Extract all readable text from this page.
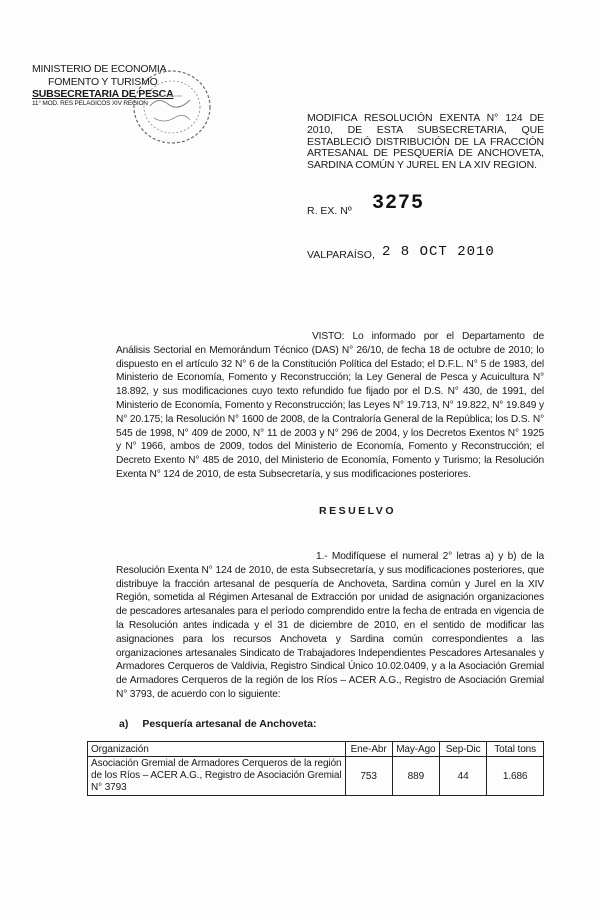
MINISTERIO DE ECONOMIA
FOMENTO Y TURISMO
SUBSECRETARIA DE PESCA
11° MOD. RES PELAGICOS XIV REGION
MODIFICA RESOLUCIÓN EXENTA N° 124 DE 2010, DE ESTA SUBSECRETARIA, QUE ESTABLECIÓ DISTRIBUCIÓN DE LA FRACCIÓN ARTESANAL DE PESQUERÍA DE ANCHOVETA, SARDINA COMÚN Y JUREL EN LA XIV REGION.
R. EX. Nº 3275
VALPARAÍSO, 2 8 OCT 2010
VISTO: Lo informado por el Departamento de Análisis Sectorial en Memorándum Técnico (DAS) N° 26/10, de fecha 18 de octubre de 2010; lo dispuesto en el artículo 32 N° 6 de la Constitución Política del Estado; el D.F.L. N° 5 de 1983, del Ministerio de Economía, Fomento y Reconstrucción; la Ley General de Pesca y Acuicultura N° 18.892, y sus modificaciones cuyo texto refundido fue fijado por el D.S. N° 430, de 1991, del Ministerio de Economía, Fomento y Reconstrucción; las Leyes N° 19.713, N° 19.822, N° 19.849 y N° 20.175; la Resolución N° 1600 de 2008, de la Contraloría General de la República; los D.S. N° 545 de 1998, N° 409 de 2000, N° 11 de 2003 y N° 296 de 2004, y los Decretos Exentos N° 1925 y N° 1966, ambos de 2009, todos del Ministerio de Economía, Fomento y Reconstrucción; el Decreto Exento N° 485 de 2010, del Ministerio de Economía, Fomento y Turismo; la Resolución Exenta N° 124 de 2010, de esta Subsecretaría, y sus modificaciones posteriores.
RESUELVO
1.- Modifíquese el numeral 2° letras a) y b) de la Resolución Exenta N° 124 de 2010, de esta Subsecretaría, y sus modificaciones posteriores, que distribuye la fracción artesanal de pesquería de Anchoveta, Sardina común y Jurel en la XIV Región, sometida al Régimen Artesanal de Extracción por unidad de asignación organizaciones de pescadores artesanales para el período comprendido entre la fecha de entrada en vigencia de la Resolución antes indicada y el 31 de diciembre de 2010, en el sentido de modificar las asignaciones para los recursos Anchoveta y Sardina común correspondientes a las organizaciones artesanales Sindicato de Trabajadores Independientes Pescadores Artesanales y Armadores Cerqueros de Valdivia, Registro Sindical Único 10.02.0409, y a la Asociación Gremial de Armadores Cerqueros de la región de los Ríos – ACER A.G., Registro de Asociación Gremial N° 3793, de acuerdo con lo siguiente:
a) Pesquería artesanal de Anchoveta:
Organización	Ene-Abr	May-Ago	Sep-Dic	Total tons
Asociación Gremial de Armadores Cerqueros de la región de los Ríos – ACER A.G., Registro de Asociación Gremial N° 3793	753	889	44	1.686
